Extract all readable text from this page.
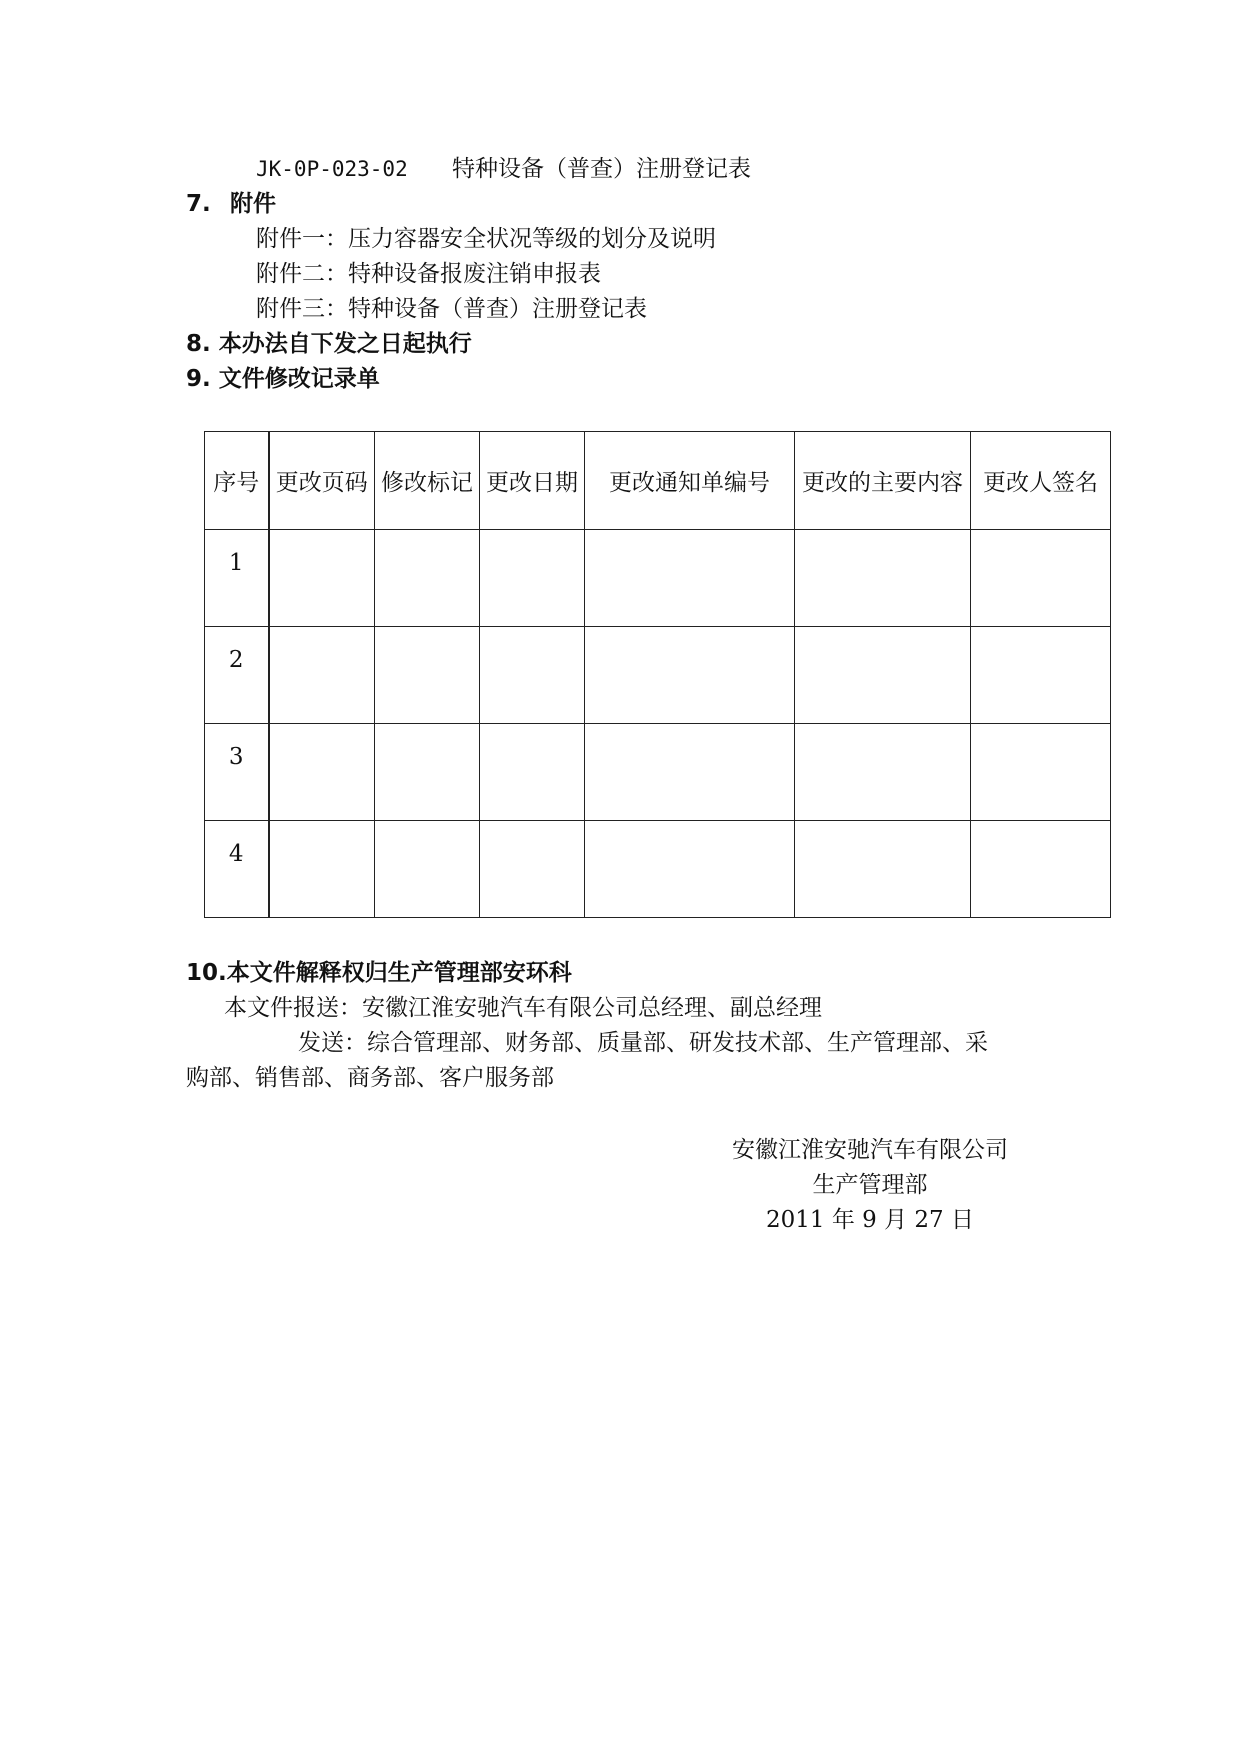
JK-0P-023-02 特种设备（普查）注册登记表
7. 附件
附件一：压力容器安全状况等级的划分及说明
附件二：特种设备报废注销申报表
附件三：特种设备（普查）注册登记表
8. 本办法自下发之日起执行
9. 文件修改记录单
序号	更改页码	修改标记	更改日期	更改通知单编号	更改的主要内容	更改人签名
1						
2						
3						
4						
10.本文件解释权归生产管理部安环科
本文件报送：安徽江淮安驰汽车有限公司总经理、副总经理
发送：综合管理部、财务部、质量部、研发技术部、生产管理部、采
购部、销售部、商务部、客户服务部
安徽江淮安驰汽车有限公司
生产管理部
2011 年 9 月 27 日
